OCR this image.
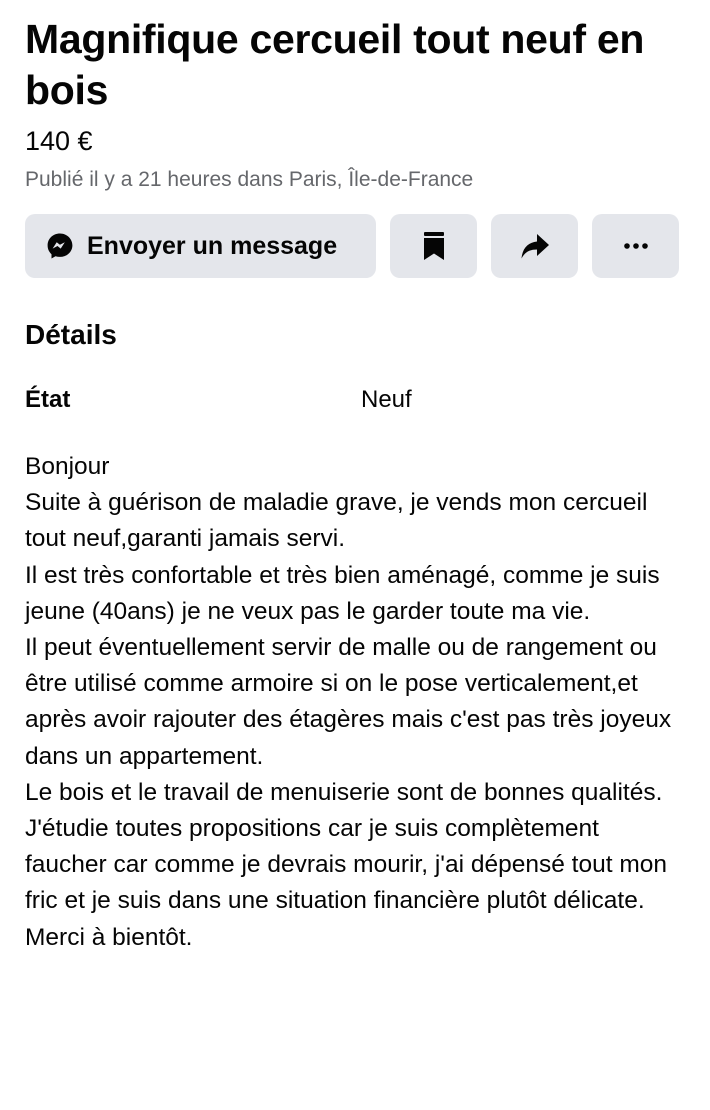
Magnifique cercueil tout neuf en bois
140 €
Publié il y a 21 heures dans Paris, Île-de-France
Envoyer un message
Détails
État	Neuf
Bonjour
Suite à guérison de maladie grave, je vends mon cercueil tout neuf,garanti jamais servi.
Il est très confortable et très bien aménagé, comme je suis jeune (40ans) je ne veux pas le garder toute ma vie.
Il peut éventuellement servir de malle ou de rangement ou être utilisé comme armoire si on le pose verticalement,et après avoir rajouter des étagères mais c'est pas très joyeux dans un appartement.
Le bois et le travail de menuiserie sont de bonnes qualités.
J'étudie toutes propositions car je suis complètement faucher car comme je devrais mourir, j'ai dépensé tout mon fric et je suis dans une situation financière plutôt délicate.
Merci à bientôt.
